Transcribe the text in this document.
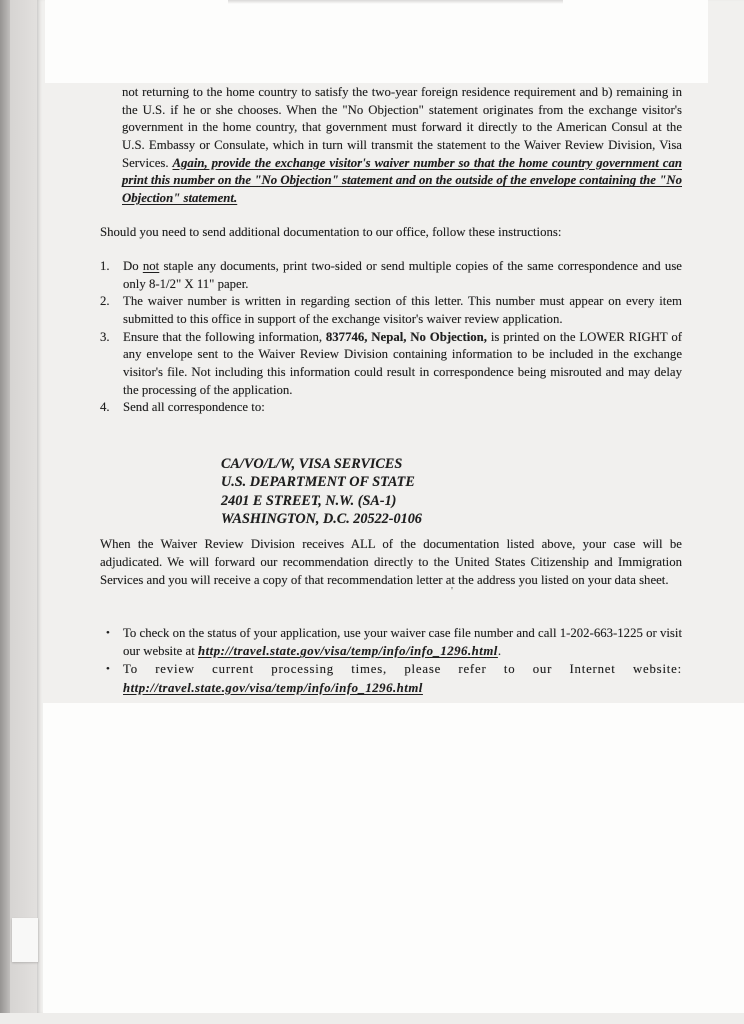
not returning to the home country to satisfy the two-year foreign residence requirement and b) remaining in the U.S. if he or she chooses. When the "No Objection" statement originates from the exchange visitor's government in the home country, that government must forward it directly to the American Consul at the U.S. Embassy or Consulate, which in turn will transmit the statement to the Waiver Review Division, Visa Services. Again, provide the exchange visitor's waiver number so that the home country government can print this number on the "No Objection" statement and on the outside of the envelope containing the "No Objection" statement.

Should you need to send additional documentation to our office, follow these instructions:

1. Do not staple any documents, print two-sided or send multiple copies of the same correspondence and use only 8-1/2" X 11" paper.
2. The waiver number is written in regarding section of this letter. This number must appear on every item submitted to this office in support of the exchange visitor's waiver review application.
3. Ensure that the following information, 837746, Nepal, No Objection, is printed on the LOWER RIGHT of any envelope sent to the Waiver Review Division containing information to be included in the exchange visitor's file. Not including this information could result in correspondence being misrouted and may delay the processing of the application.
4. Send all correspondence to:
CA/VO/L/W, VISA SERVICES
U.S. DEPARTMENT OF STATE
2401 E STREET, N.W. (SA-1)
WASHINGTON, D.C. 20522-0106

When the Waiver Review Division receives ALL of the documentation listed above, your case will be adjudicated. We will forward our recommendation directly to the United States Citizenship and Immigration Services and you will receive a copy of that recommendation letter at the address you listed on your data sheet.

'
• To check on the status of your application, use your waiver case file number and call 1-202-663-1225 or visit our website at http://travel.state.gov/visa/temp/info/info_1296.html.
• To review current processing times, please refer to our Internet website:
http://travel.state.gov/visa/temp/info/info_1296.html
